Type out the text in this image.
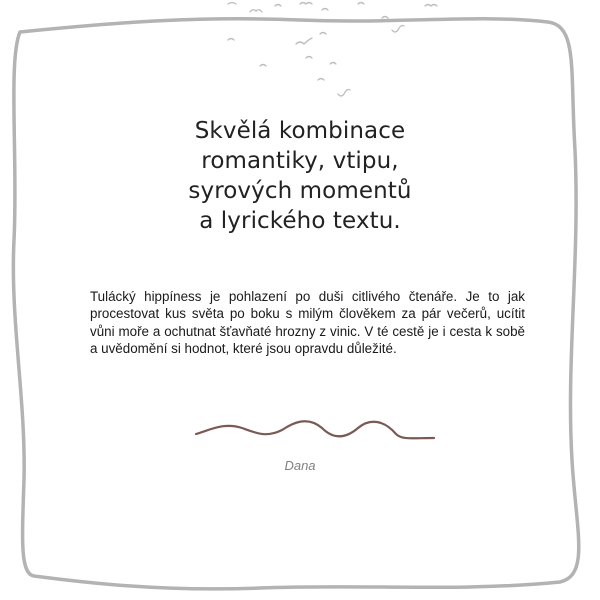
Skvělá kombinace
romantiky, vtipu,
syrových momentů
a lyrického textu.

Tulácký hippíness je pohlazení po duši citlivého čtenáře. Je to jak procestovat kus světa po boku s milým člověkem za pár večerů, ucítit vůni moře a ochutnat šťavňaté hrozny z vinic. V té cestě je i cesta k sobě a uvědomění si hodnot, které jsou opravdu důležité.

Dana
